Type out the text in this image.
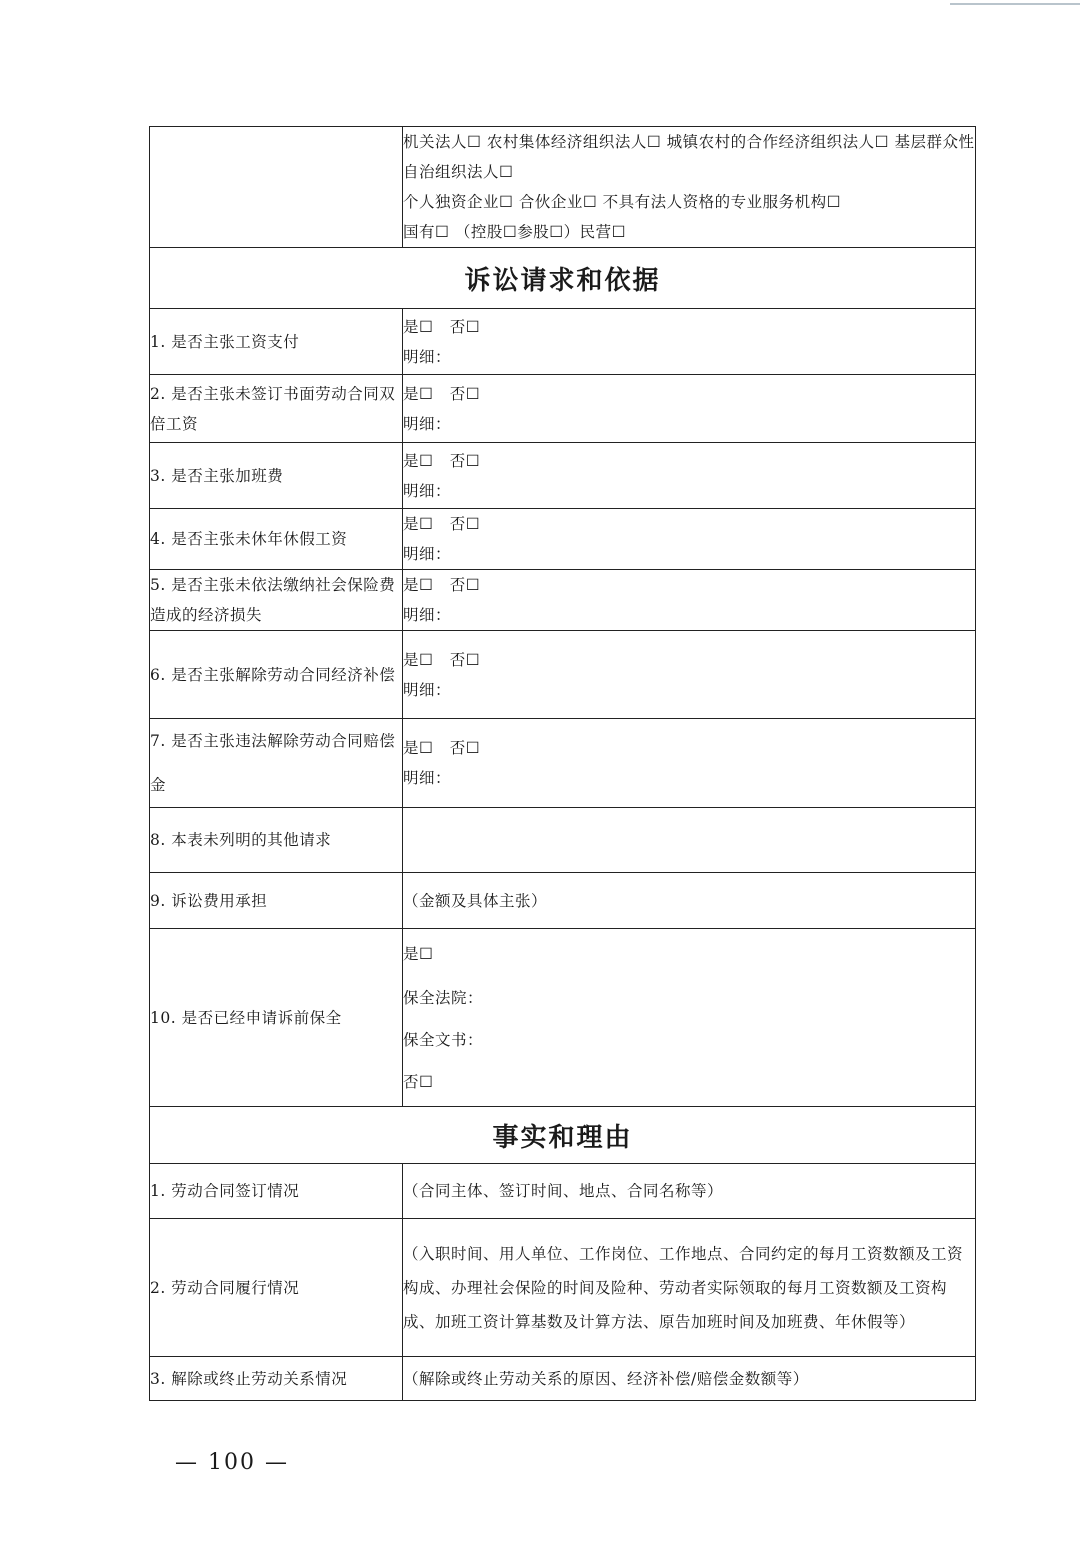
	机关法人☐ 农村集体经济组织法人☐ 城镇农村的合作经济组织法人☐ 基层群众性自治组织法人☐
个人独资企业☐ 合伙企业☐ 不具有法人资格的专业服务机构☐
国有☐ （控股☐参股☐）民营☐

诉讼请求和依据	
1. 是否主张工资支付	是☐ 否☐
明细：

2. 是否主张未签订书面劳动合同双倍工资	是☐ 否☐
明细：

3. 是否主张加班费	是☐ 否☐
明细：

4. 是否主张未休年休假工资	是☐ 否☐
明细：

5. 是否主张未依法缴纳社会保险费造成的经济损失	是☐ 否☐
明细：

6. 是否主张解除劳动合同经济补偿	是☐ 否☐
明细：

7. 是否主张违法解除劳动合同赔偿金	是☐ 否☐
明细：

8. 本表未列明的其他请求	
9. 诉讼费用承担	（金额及具体主张）
10. 是否已经申请诉前保全	是☐
保全法院：
保全文书：
否☐

事实和理由	
1. 劳动合同签订情况	（合同主体、签订时间、地点、合同名称等）
2. 劳动合同履行情况	（入职时间、用人单位、工作岗位、工作地点、合同约定的每月工资数额及工资构成、办理社会保险的时间及险种、劳动者实际领取的每月工资数额及工资构成、加班工资计算基数及计算方法、原告加班时间及加班费、年休假等）
3. 解除或终止劳动关系情况	（解除或终止劳动关系的原因、经济补偿/赔偿金数额等）
— 100 —
